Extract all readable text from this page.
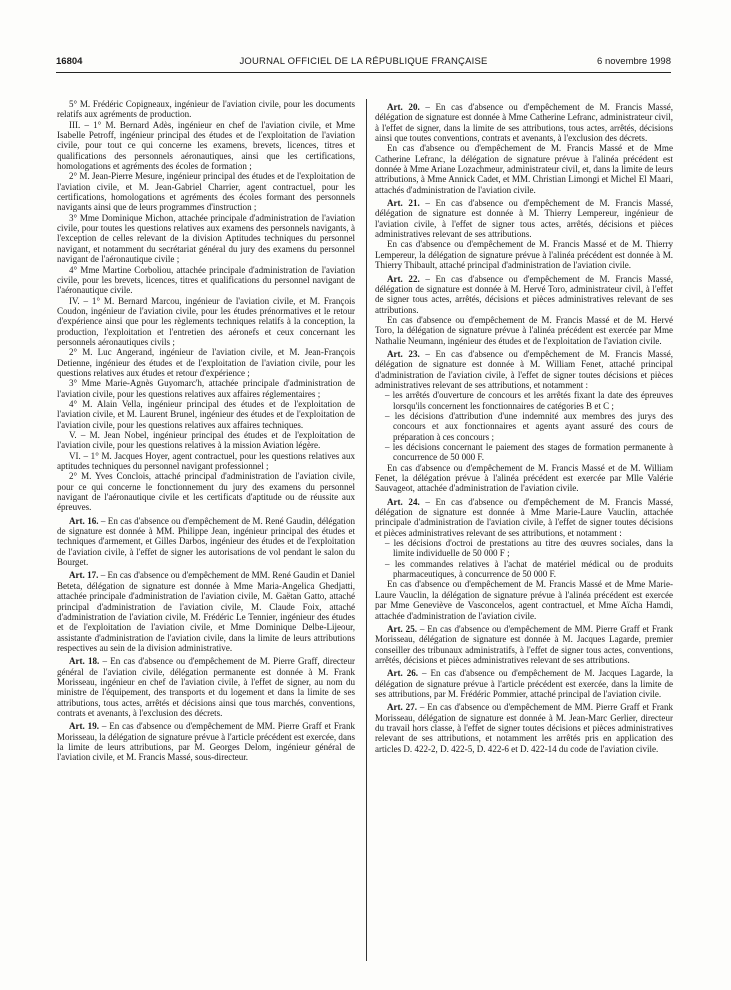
16804	JOURNAL OFFICIEL DE LA RÉPUBLIQUE FRANÇAISE	6 novembre 1998

5° M. Frédéric Copigneaux, ingénieur de l'aviation civile, pour les documents relatifs aux agréments de production.

III. – 1° M. Bernard Adès, ingénieur en chef de l'aviation civile, et Mme Isabelle Petroff, ingénieur principal des études et de l'exploitation de l'aviation civile, pour tout ce qui concerne les examens, brevets, licences, titres et qualifications des personnels aéronautiques, ainsi que les certifications, homologations et agréments des écoles de formation ;

2° M. Jean-Pierre Mesure, ingénieur principal des études et de l'exploitation de l'aviation civile, et M. Jean-Gabriel Charrier, agent contractuel, pour les certifications, homologations et agréments des écoles formant des personnels navigants ainsi que de leurs programmes d'instruction ;

3° Mme Dominique Michon, attachée principale d'administration de l'aviation civile, pour toutes les questions relatives aux examens des personnels navigants, à l'exception de celles relevant de la division Aptitudes techniques du personnel navigant, et notamment du secrétariat général du jury des examens du personnel navigant de l'aéronautique civile ;

4° Mme Martine Corboliou, attachée principale d'administration de l'aviation civile, pour les brevets, licences, titres et qualifications du personnel navigant de l'aéronautique civile.

IV. – 1° M. Bernard Marcou, ingénieur de l'aviation civile, et M. François Coudon, ingénieur de l'aviation civile, pour les études prénormatives et le retour d'expérience ainsi que pour les règlements techniques relatifs à la conception, la production, l'exploitation et l'entretien des aéronefs et ceux concernant les personnels aéronautiques civils ;

2° M. Luc Angerand, ingénieur de l'aviation civile, et M. Jean-François Detienne, ingénieur des études et de l'exploitation de l'aviation civile, pour les questions relatives aux études et retour d'expérience ;

3° Mme Marie-Agnès Guyomarc'h, attachée principale d'administration de l'aviation civile, pour les questions relatives aux affaires réglementaires ;

4° M. Alain Vella, ingénieur principal des études et de l'exploitation de l'aviation civile, et M. Laurent Brunel, ingénieur des études et de l'exploitation de l'aviation civile, pour les questions relatives aux affaires techniques.

V. – M. Jean Nobel, ingénieur principal des études et de l'exploitation de l'aviation civile, pour les questions relatives à la mission Aviation légère.

VI. – 1° M. Jacques Hoyer, agent contractuel, pour les questions relatives aux aptitudes techniques du personnel navigant professionnel ;

2° M. Yves Conclois, attaché principal d'administration de l'aviation civile, pour ce qui concerne le fonctionnement du jury des examens du personnel navigant de l'aéronautique civile et les certificats d'aptitude ou de réussite aux épreuves.

Art. 16. – En cas d'absence ou d'empêchement de M. René Gaudin, délégation de signature est donnée à MM. Philippe Jean, ingénieur principal des études et techniques d'armement, et Gilles Darbos, ingénieur des études et de l'exploitation de l'aviation civile, à l'effet de signer les autorisations de vol pendant le salon du Bourget.

Art. 17. – En cas d'absence ou d'empêchement de MM. René Gaudin et Daniel Beteta, délégation de signature est donnée à Mme Maria-Angelica Ghedjatti, attachée principale d'administration de l'aviation civile, M. Gaëtan Gatto, attaché principal d'administration de l'aviation civile, M. Claude Foix, attaché d'administration de l'aviation civile, M. Frédéric Le Tennier, ingénieur des études et de l'exploitation de l'aviation civile, et Mme Dominique Delbe-Lijeour, assistante d'administration de l'aviation civile, dans la limite de leurs attributions respectives au sein de la division administrative.

Art. 18. – En cas d'absence ou d'empêchement de M. Pierre Graff, directeur général de l'aviation civile, délégation permanente est donnée à M. Frank Morisseau, ingénieur en chef de l'aviation civile, à l'effet de signer, au nom du ministre de l'équipement, des transports et du logement et dans la limite de ses attributions, tous actes, arrêtés et décisions ainsi que tous marchés, conventions, contrats et avenants, à l'exclusion des décrets.

Art. 19. – En cas d'absence ou d'empêchement de MM. Pierre Graff et Frank Morisseau, la délégation de signature prévue à l'article précédent est exercée, dans la limite de leurs attributions, par M. Georges Delom, ingénieur général de l'aviation civile, et M. Francis Massé, sous-directeur.

Art. 20. – En cas d'absence ou d'empêchement de M. Francis Massé, délégation de signature est donnée à Mme Catherine Lefranc, administrateur civil, à l'effet de signer, dans la limite de ses attributions, tous actes, arrêtés, décisions ainsi que toutes conventions, contrats et avenants, à l'exclusion des décrets.

En cas d'absence ou d'empêchement de M. Francis Massé et de Mme Catherine Lefranc, la délégation de signature prévue à l'alinéa précédent est donnée à Mme Ariane Lozachmeur, administrateur civil, et, dans la limite de leurs attributions, à Mme Annick Cadet, et MM. Christian Limongi et Michel El Maari, attachés d'administration de l'aviation civile.

Art. 21. – En cas d'absence ou d'empêchement de M. Francis Massé, délégation de signature est donnée à M. Thierry Lempereur, ingénieur de l'aviation civile, à l'effet de signer tous actes, arrêtés, décisions et pièces administratives relevant de ses attributions.

En cas d'absence ou d'empêchement de M. Francis Massé et de M. Thierry Lempereur, la délégation de signature prévue à l'alinéa précédent est donnée à M. Thierry Thibault, attaché principal d'administration de l'aviation civile.

Art. 22. – En cas d'absence ou d'empêchement de M. Francis Massé, délégation de signature est donnée à M. Hervé Toro, administrateur civil, à l'effet de signer tous actes, arrêtés, décisions et pièces administratives relevant de ses attributions.

En cas d'absence ou d'empêchement de M. Francis Massé et de M. Hervé Toro, la délégation de signature prévue à l'alinéa précédent est exercée par Mme Nathalie Neumann, ingénieur des études et de l'exploitation de l'aviation civile.

Art. 23. – En cas d'absence ou d'empêchement de M. Francis Massé, délégation de signature est donnée à M. William Fenet, attaché principal d'administration de l'aviation civile, à l'effet de signer toutes décisions et pièces administratives relevant de ses attributions, et notamment :

– les arrêtés d'ouverture de concours et les arrêtés fixant la date des épreuves lorsqu'ils concernent les fonctionnaires de catégories B et C ;

– les décisions d'attribution d'une indemnité aux membres des jurys des concours et aux fonctionnaires et agents ayant assuré des cours de préparation à ces concours ;

– les décisions concernant le paiement des stages de formation permanente à concurrence de 50 000 F.

En cas d'absence ou d'empêchement de M. Francis Massé et de M. William Fenet, la délégation prévue à l'alinéa précédent est exercée par Mlle Valérie Sauvageot, attachée d'administration de l'aviation civile.

Art. 24. – En cas d'absence ou d'empêchement de M. Francis Massé, délégation de signature est donnée à Mme Marie-Laure Vauclin, attachée principale d'administration de l'aviation civile, à l'effet de signer toutes décisions et pièces administratives relevant de ses attributions, et notamment :

– les décisions d'octroi de prestations au titre des œuvres sociales, dans la limite individuelle de 50 000 F ;

– les commandes relatives à l'achat de matériel médical ou de produits pharmaceutiques, à concurrence de 50 000 F.

En cas d'absence ou d'empêchement de M. Francis Massé et de Mme Marie-Laure Vauclin, la délégation de signature prévue à l'alinéa précédent est exercée par Mme Geneviève de Vasconcelos, agent contractuel, et Mme Aïcha Hamdi, attachée d'administration de l'aviation civile.

Art. 25. – En cas d'absence ou d'empêchement de MM. Pierre Graff et Frank Morisseau, délégation de signature est donnée à M. Jacques Lagarde, premier conseiller des tribunaux administratifs, à l'effet de signer tous actes, conventions, arrêtés, décisions et pièces administratives relevant de ses attributions.

Art. 26. – En cas d'absence ou d'empêchement de M. Jacques Lagarde, la délégation de signature prévue à l'article précédent est exercée, dans la limite de ses attributions, par M. Frédéric Pommier, attaché principal de l'aviation civile.

Art. 27. – En cas d'absence ou d'empêchement de MM. Pierre Graff et Frank Morisseau, délégation de signature est donnée à M. Jean-Marc Gerlier, directeur du travail hors classe, à l'effet de signer toutes décisions et pièces administratives relevant de ses attributions, et notamment les arrêtés pris en application des articles D. 422-2, D. 422-5, D. 422-6 et D. 422-14 du code de l'aviation civile.
